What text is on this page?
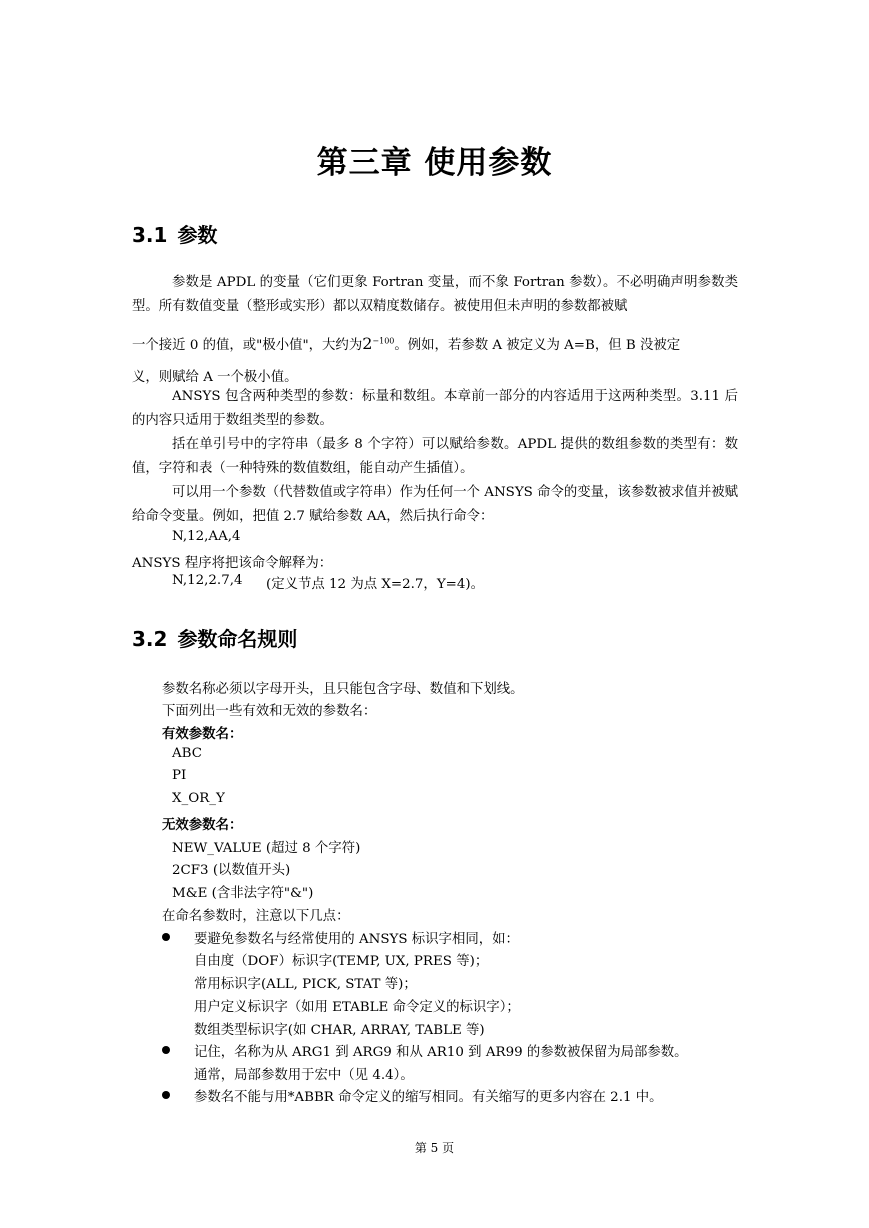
第三章 使用参数
3.1 参数
参数是 APDL 的变量（它们更象 Fortran 变量，而不象 Fortran 参数）。不必明确声明参数类型。所有数值变量（整形或实形）都以双精度数储存。被使用但未声明的参数都被赋
一个接近 0 的值，或"极小值"，大约为$2^{-100}$。例如，若参数 A 被定义为 A=B，但 B 没被定
义，则赋给 A 一个极小值。
ANSYS 包含两种类型的参数：标量和数组。本章前一部分的内容适用于这两种类型。3.11 后的内容只适用于数组类型的参数。
括在单引号中的字符串（最多 8 个字符）可以赋给参数。APDL 提供的数组参数的类型有：数值，字符和表（一种特殊的数值数组，能自动产生插值）。
可以用一个参数（代替数值或字符串）作为任何一个 ANSYS 命令的变量，该参数被求值并被赋给命令变量。例如，把值 2.7 赋给参数 AA，然后执行命令：
N,12,AA,4
ANSYS 程序将把该命令解释为：
N,12,2.7,4 (定义节点 12 为点 X=2.7，Y=4)。
3.2 参数命名规则
参数名称必须以字母开头，且只能包含字母、数值和下划线。
下面列出一些有效和无效的参数名：
有效参数名：
ABC
PI
X_OR_Y
无效参数名：
NEW_VALUE (超过 8 个字符)
2CF3 (以数值开头)
M&E (含非法字符"&")
在命名参数时，注意以下几点：
要避免参数名与经常使用的 ANSYS 标识字相同，如：
自由度（DOF）标识字(TEMP, UX, PRES 等)；
常用标识字(ALL, PICK, STAT 等)；
用户定义标识字（如用 ETABLE 命令定义的标识字）；
数组类型标识字(如 CHAR, ARRAY, TABLE 等)
记住，名称为从 ARG1 到 ARG9 和从 AR10 到 AR99 的参数被保留为局部参数。
通常，局部参数用于宏中（见 4.4）。
参数名不能与用*ABBR 命令定义的缩写相同。有关缩写的更多内容在 2.1 中。
第 5 页
